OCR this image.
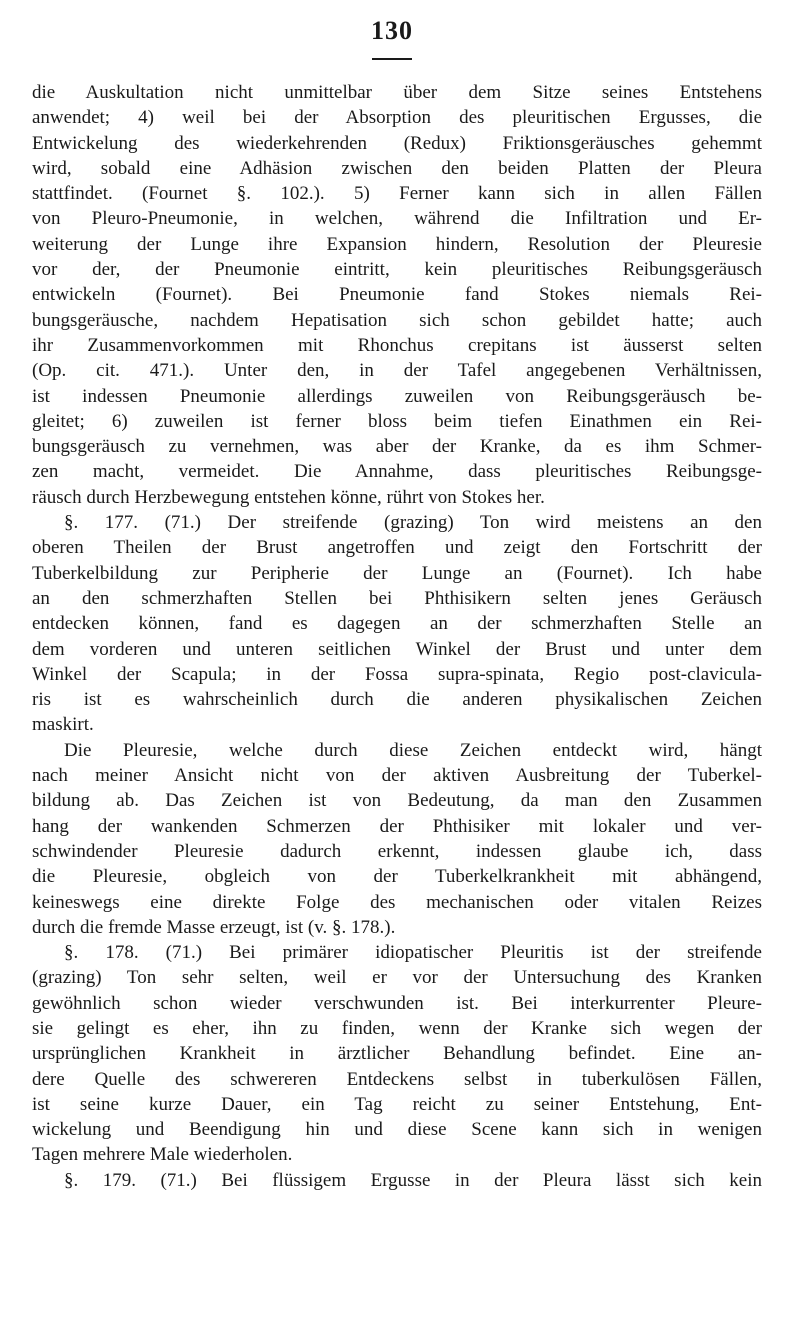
130
die Auskultation nicht unmittelbar über dem Sitze seines Entstehens
anwendet; 4) weil bei der Absorption des pleuritischen Ergusses, die
Entwickelung des wiederkehrenden (Redux) Friktionsgeräusches gehemmt
wird, sobald eine Adhäsion zwischen den beiden Platten der Pleura
stattfindet. (Fournet §. 102.). 5) Ferner kann sich in allen Fällen
von Pleuro-Pneumonie, in welchen, während die Infiltration und Er-
weiterung der Lunge ihre Expansion hindern, Resolution der Pleuresie
vor der, der Pneumonie eintritt, kein pleuritisches Reibungsgeräusch
entwickeln (Fournet). Bei Pneumonie fand Stokes niemals Rei-
bungsgeräusche, nachdem Hepatisation sich schon gebildet hatte; auch
ihr Zusammenvorkommen mit Rhonchus crepitans ist äusserst selten
(Op. cit. 471.). Unter den, in der Tafel angegebenen Verhältnissen,
ist indessen Pneumonie allerdings zuweilen von Reibungsgeräusch be-
gleitet; 6) zuweilen ist ferner bloss beim tiefen Einathmen ein Rei-
bungsgeräusch zu vernehmen, was aber der Kranke, da es ihm Schmer-
zen macht, vermeidet. Die Annahme, dass pleuritisches Reibungsge-
räusch durch Herzbewegung entstehen könne, rührt von Stokes her.
§. 177. (71.) Der streifende (grazing) Ton wird meistens an den
oberen Theilen der Brust angetroffen und zeigt den Fortschritt der
Tuberkelbildung zur Peripherie der Lunge an (Fournet). Ich habe
an den schmerzhaften Stellen bei Phthisikern selten jenes Geräusch
entdecken können, fand es dagegen an der schmerzhaften Stelle an
dem vorderen und unteren seitlichen Winkel der Brust und unter dem
Winkel der Scapula; in der Fossa supra-spinata, Regio post-clavicula-
ris ist es wahrscheinlich durch die anderen physikalischen Zeichen
maskirt.
Die Pleuresie, welche durch diese Zeichen entdeckt wird, hängt
nach meiner Ansicht nicht von der aktiven Ausbreitung der Tuberkel-
bildung ab. Das Zeichen ist von Bedeutung, da man den Zusammen
hang der wankenden Schmerzen der Phthisiker mit lokaler und ver-
schwindender Pleuresie dadurch erkennt, indessen glaube ich, dass
die Pleuresie, obgleich von der Tuberkelkrankheit mit abhängend,
keineswegs eine direkte Folge des mechanischen oder vitalen Reizes
durch die fremde Masse erzeugt, ist (v. §. 178.).
§. 178. (71.) Bei primärer idiopatischer Pleuritis ist der streifende
(grazing) Ton sehr selten, weil er vor der Untersuchung des Kranken
gewöhnlich schon wieder verschwunden ist. Bei interkurrenter Pleure-
sie gelingt es eher, ihn zu finden, wenn der Kranke sich wegen der
ursprünglichen Krankheit in ärztlicher Behandlung befindet. Eine an-
dere Quelle des schwereren Entdeckens selbst in tuberkulösen Fällen,
ist seine kurze Dauer, ein Tag reicht zu seiner Entstehung, Ent-
wickelung und Beendigung hin und diese Scene kann sich in wenigen
Tagen mehrere Male wiederholen.
§. 179. (71.) Bei flüssigem Ergusse in der Pleura lässt sich kein
